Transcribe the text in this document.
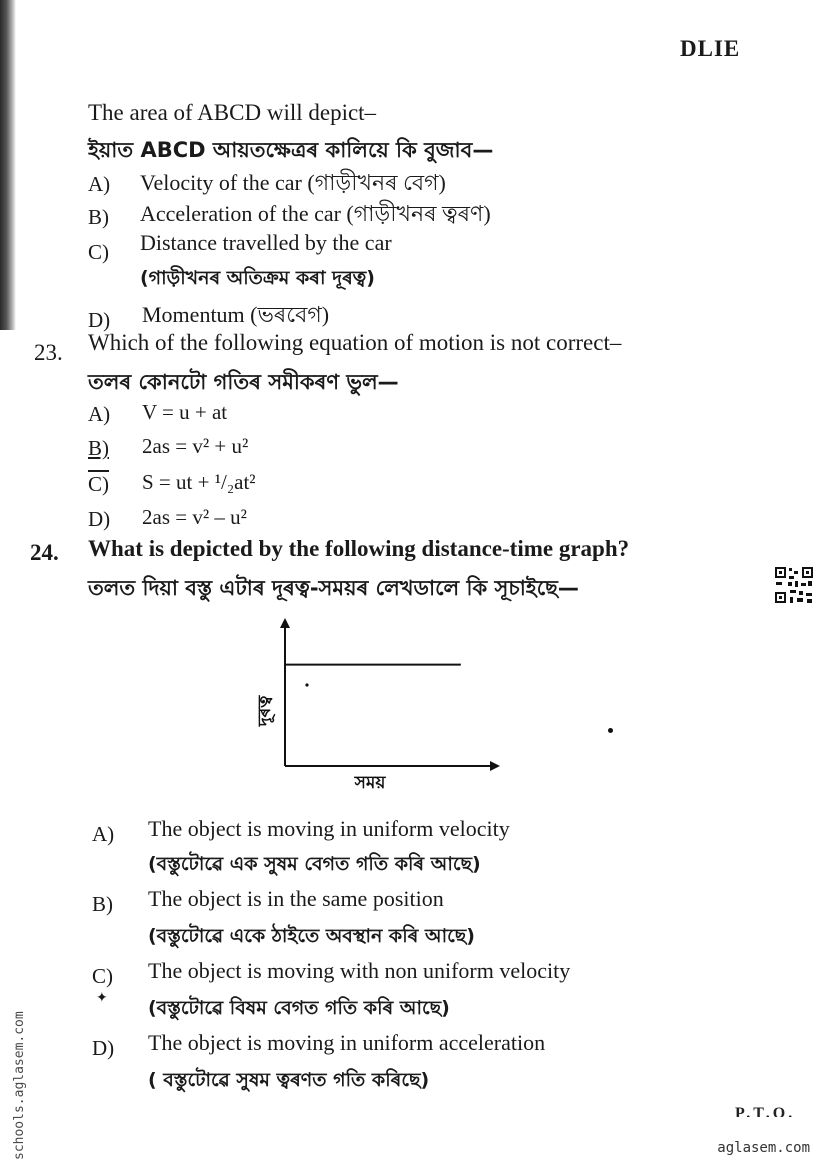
DLIE
The area of ABCD will depict–
ইয়াত ABCD আয়তক্ষেত্ৰৰ কালিয়ে কি বুজাব—
A) Velocity of the car (গাড়ীখনৰ বেগ)
B) Acceleration of the car (গাড়ীখনৰ ত্বৰণ)
C) Distance travelled by the car
(গাড়ীখনৰ অতিক্ৰম কৰা দূৰত্ব)
D) Momentum (ভৰবেগ)
23. Which of the following equation of motion is not correct–
তলৰ কোনটো গতিৰ সমীকৰণ ভুল—
A) V = u + at
B) 2as = v² + u²
C) S = ut + ¹/₂at²
D) 2as = v² – u²
24. What is depicted by the following distance-time graph?
তলত দিয়া বস্তু এটাৰ দূৰত্ব-সময়ৰ লেখডালে কি সূচাইছে—
দূৰত্ব
সময়
A) The object is moving in uniform velocity
(বস্তুটোৱে এক সুষম বেগত গতি কৰি আছে)
B) The object is in the same position
(বস্তুটোৱে একে ঠাইতে অবস্থান কৰি আছে)
C) The object is moving with non uniform velocity
(বস্তুটোৱে বিষম বেগত গতি কৰি আছে)
✦
D) The object is moving in uniform acceleration
( বস্তুটোৱে সুষম ত্বৰণত গতি কৰিছে)
P.T.O.
schools.aglasem.com	aglasem.com
